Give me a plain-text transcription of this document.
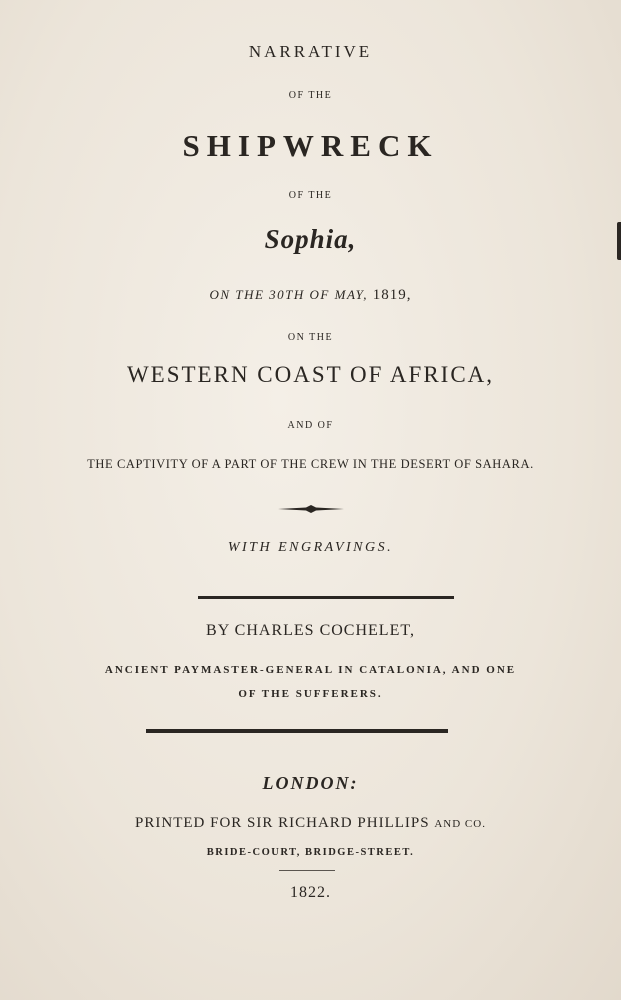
NARRATIVE
OF THE
SHIPWRECK
OF THE
Sophia,
ON THE 30TH OF MAY, 1819,
ON THE
WESTERN COAST OF AFRICA,
AND OF
THE CAPTIVITY OF A PART OF THE CREW IN THE DESERT OF SAHARA.
WITH ENGRAVINGS.
BY CHARLES COCHELET,
ANCIENT PAYMASTER-GENERAL IN CATALONIA, AND ONE
OF THE SUFFERERS.
LONDON:
PRINTED FOR SIR RICHARD PHILLIPS AND CO.
BRIDE-COURT, BRIDGE-STREET.
1822.
